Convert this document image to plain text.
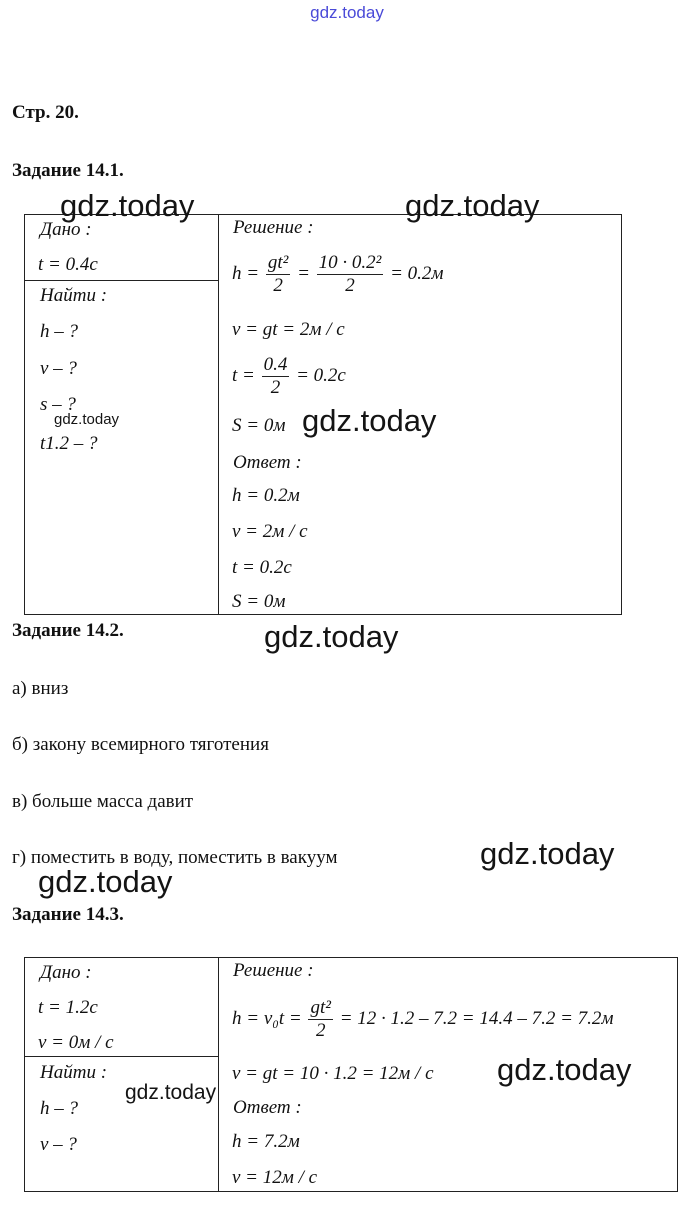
gdz.today
Стр. 20.
Задание 14.1.
Дано :
t = 0.4с
Найти :
h – ?
v – ?
s – ?
t1.2 – ?
Решение :
$h = \frac{\text{gt²}}{2} = \frac{\text{10 · 0.2²}}{2} = 0.2м$
v = gt = 2м / с
$t = \frac{0.4}{2} = 0.2с$
S = 0м
Ответ :
h = 0.2м
v = 2м / с
t = 0.2с
S = 0м
Задание 14.2.
а) вниз
б) закону всемирного тяготения
в) больше масса давит
г) поместить в воду, поместить в вакуум
Задание 14.3.
Дано :
t = 1.2с
v = 0м / с
Найти :
h – ?
v – ?
Решение :
$h = v_0t = \frac{\text{gt²}}{2} = 12 \cdot 1.2 - 7.2 = 14.4 - 7.2 = 7.2м$
v = gt = 10 · 1.2 = 12м / с
Ответ :
h = 7.2м
v = 12м / с
gdz.today	gdz.today
gdz.today	gdz.today
gdz.today
gdz.today
gdz.today
gdz.today
gdz.today
